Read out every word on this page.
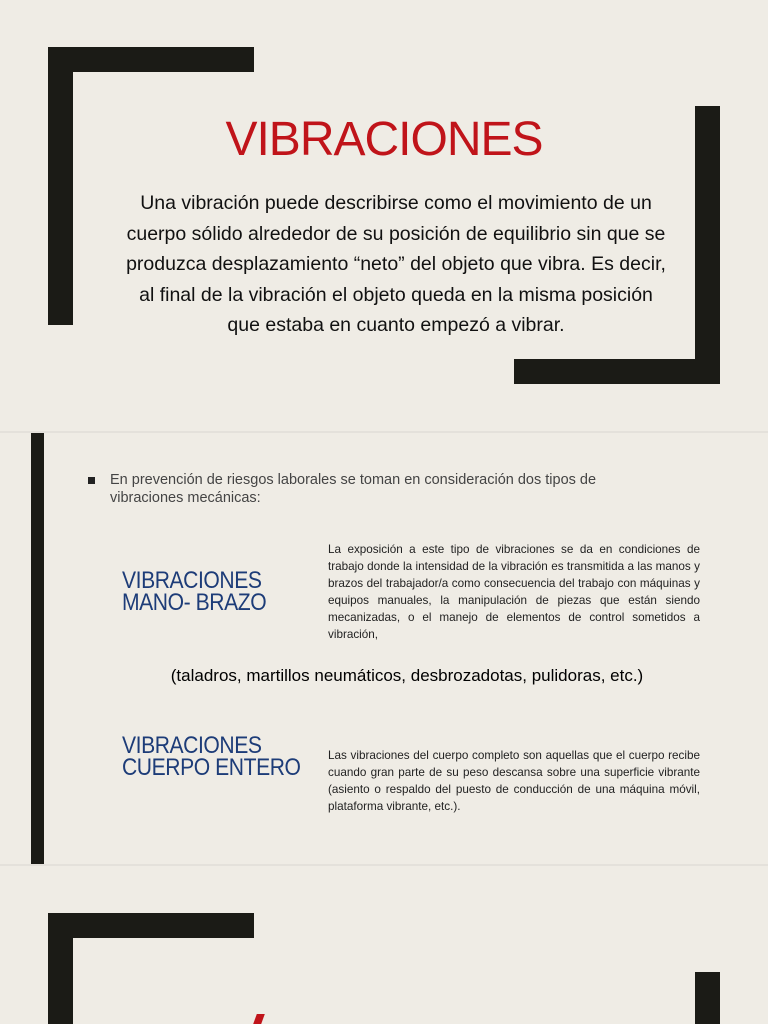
VIBRACIONES

Una vibración puede describirse como el movimiento de un cuerpo sólido alrededor de su posición de equilibrio sin que se produzca desplazamiento “neto” del objeto que vibra. Es decir, al final de la vibración el objeto queda en la misma posición que estaba en cuanto empezó a vibrar.

En prevención de riesgos laborales se toman en consideración dos tipos de vibraciones mecánicas:

VIBRACIONES
MANO- BRAZO

La exposición a este tipo de vibraciones se da en condiciones de trabajo donde la intensidad de la vibración es transmitida a las manos y brazos del trabajador/a como consecuencia del trabajo con máquinas y equipos manuales, la manipulación de piezas que están siendo mecanizadas, o el manejo de elementos de control sometidos a vibración,

(taladros, martillos neumáticos, desbrozadotas, pulidoras, etc.)

VIBRACIONES
CUERPO ENTERO Las vibraciones del cuerpo completo son aquellas que el cuerpo recibe cuando gran parte de su peso descansa sobre una superficie vibrante (asiento o respaldo del puesto de conducción de una máquina móvil, plataforma vibrante, etc.).
